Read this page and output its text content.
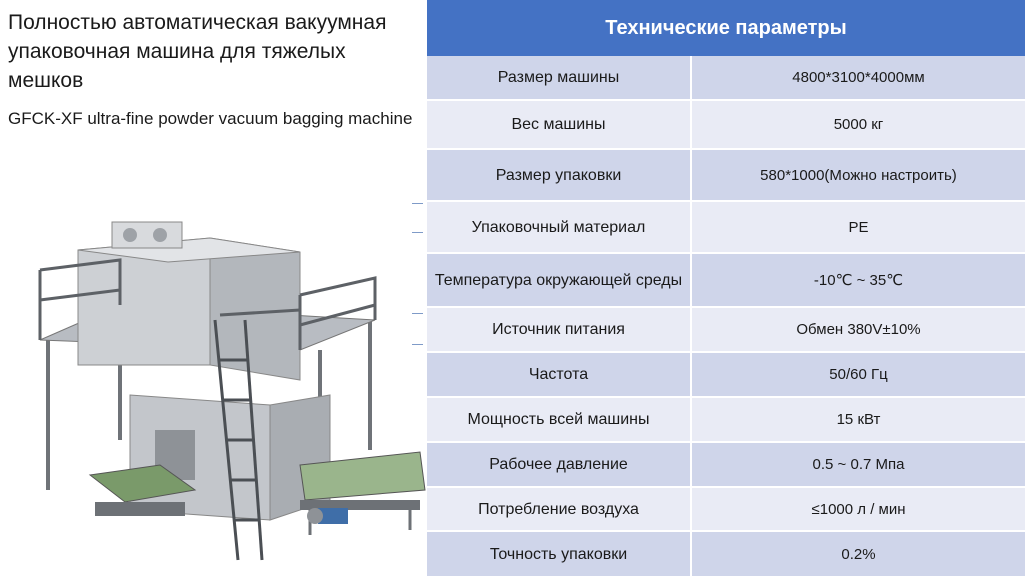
Полностью автоматическая вакуумная упаковочная машина для тяжелых мешков
GFCK-XF ultra-fine powder vacuum bagging machine
Технические параметры
Размер машины	4800*3100*4000мм
Вес машины	5000 кг
Размер упаковки	580*1000(Можно настроить)
Упаковочный материал	PE
Температура окружающей среды	-10℃ ~ 35℃
Источник питания	Обмен 380V±10%
Частота	50/60 Гц
Мощность всей машины	15 кВт
Рабочее давление	0.5 ~ 0.7 Мпа
Потребление воздуха	≤1000 л / мин
Точность упаковки	0.2%
